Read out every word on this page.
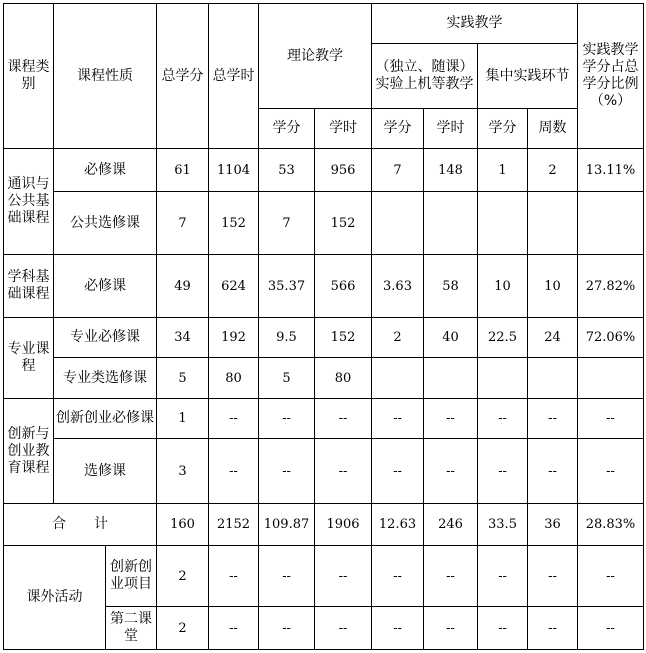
课程类别	课程性质		总学分	总学时	理论教学		实践教学				实践教学学分占总学分比例（%）
							（独立、随课）实验上机等教学		集中实践环节		
					学分	学时	学分	学时	学分	周数	
通识与公共基础课程	必修课		61	1104	53	956	7	148	1	2	13.11%
	公共选修课		7	152	7	152					
学科基础课程	必修课		49	624	35.37	566	3.63	58	10	10	27.82%
专业课程	专业必修课		34	192	9.5	152	2	40	22.5	24	72.06%
	专业类选修课		5	80	5	80					
创新与创业教育课程	创新创业必修课		1	--	--	--	--	--	--	--	--
	选修课		3	--	--	--	--	--	--	--	--
合　　计			160	2152	109.87	1906	12.63	246	33.5	36	28.83%
课外活动		创新创业项目	2	--	--	--	--	--	--	--	--
		第二课堂	2	--	--	--	--	--	--	--	--
